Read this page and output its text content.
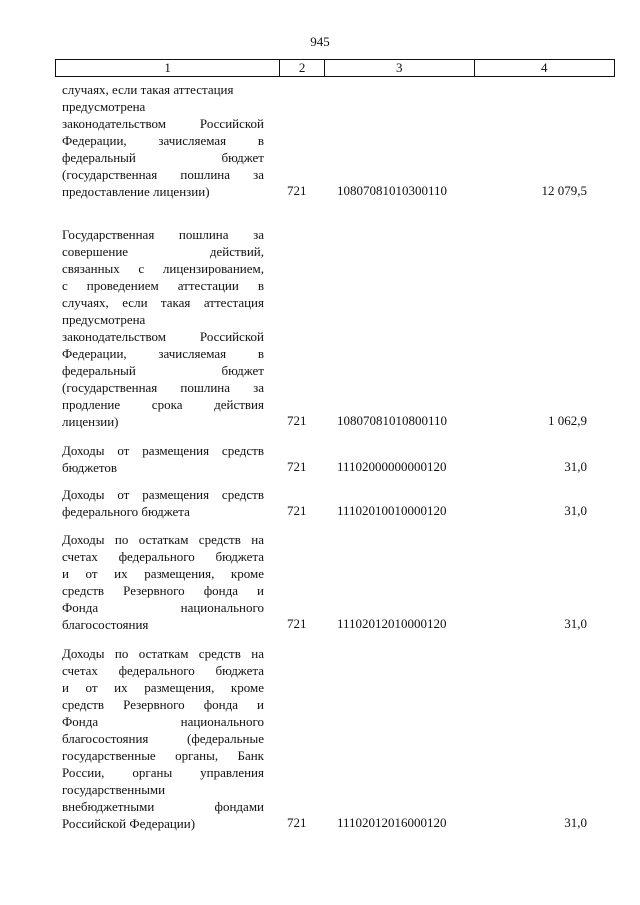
945
1	2	3	4
случаях, если такая аттестация
предусмотрена
законодательством Российской
Федерации, зачисляемая в
федеральный бюджет
(государственная пошлина за
предоставление лицензии)	721	10807081010300110	12 079,5
Государственная пошлина за
совершение действий,
связанных с лицензированием,
с проведением аттестации в
случаях, если такая аттестация
предусмотрена
законодательством Российской
Федерации, зачисляемая в
федеральный бюджет
(государственная пошлина за
продление срока действия
лицензии)	721	10807081010800110	1 062,9
Доходы от размещения средств
бюджетов	721	11102000000000120	31,0
Доходы от размещения средств
федерального бюджета	721	11102010010000120	31,0
Доходы по остаткам средств на
счетах федерального бюджета
и от их размещения, кроме
средств Резервного фонда и
Фонда национального
благосостояния	721	11102012010000120	31,0
Доходы по остаткам средств на
счетах федерального бюджета
и от их размещения, кроме
средств Резервного фонда и
Фонда национального
благосостояния (федеральные
государственные органы, Банк
России, органы управления
государственными
внебюджетными фондами
Российской Федерации)	721	11102012016000120	31,0
